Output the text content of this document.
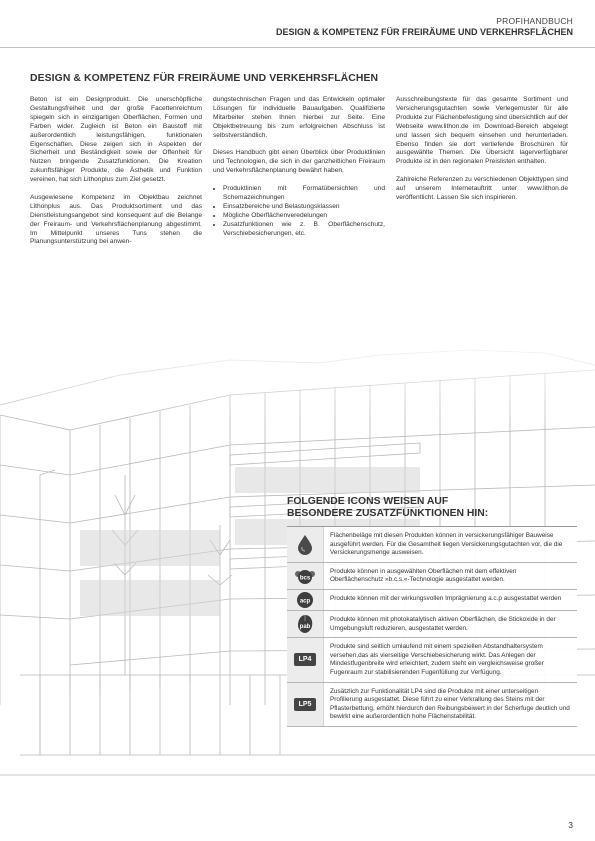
PROFIHANDBUCH
DESIGN & KOMPETENZ FÜR FREIRÄUME UND VERKEHRSFLÄCHEN
DESIGN & KOMPETENZ FÜR FREIRÄUME UND VERKEHRSFLÄCHEN

Beton ist ein Designprodukt. Die unerschöpfliche Gestaltungsfreiheit und der große Facettenreichtum spiegeln sich in einzigartigen Oberflächen, Formen und Farben wider. Zugleich ist Beton ein Baustoff mit außerordentlich leistungsfähigen, funktionalen Eigenschaften. Diese zeigen sich in Aspekten der Sicherheit und Beständigkeit sowie der Offenheit für Nutzen bringende Zusatzfunktionen. Die Kreation zukunftsfähiger Produkte, die Ästhetik und Funktion vereinen, hat sich Lithonplus zum Ziel gesetzt.

Ausgewiesene Kompetenz im Objektbau zeichnet Lithonplus aus. Das Produktsortiment und das Dienstleistungsangebot sind konsequent auf die Belange der Freiraum- und Verkehrsflächenplanung abgestimmt. Im Mittelpunkt unseres Tuns stehen die Planungsunterstützung bei anwen-

dungstechnischen Fragen und das Entwickeln optimaler Lösungen für individuelle Bauaufgaben. Qualifizierte Mitarbeiter stehen Ihnen hierbei zur Seite. Eine Objektbetreuung bis zum erfolgreichen Abschluss ist selbstverständlich.

Dieses Handbuch gibt einen Überblick über Produktlinien und Technologien, die sich in der ganzheitlichen Freiraum und Verkehrsflächenplanung bewährt haben.

• Produktlinien mit Formatübersichten und Schemazeichnungen
• Einsatzbereiche und Belastungsklassen
• Mögliche Oberflächenveredelungen
• Zusatzfunktionen wie z. B. Oberflächenschutz, Verschiebesicherungen, etc.

Ausschreibungstexte für das gesamte Sortiment und Versicherungsgutachten sowie Verlegemuster für alle Produkte zur Flächenbefestigung sind übersichtlich auf der Webseite www.lithon.de im Download-Bereich abgelegt und lassen sich bequem einsehen und herunterladen. Ebenso finden sie dort vertiefende Broschüren für ausgewählte Themen. Die Übersicht lagerverfügbarer Produkte ist in den regionalen Preislisten enthalten.

Zahlreiche Referenzen zu verschiedenen Objekttypen sind auf unserem Internetauftritt unter www.lithon.de veröffentlicht. Lassen Sie sich inspirieren.

FOLGENDE ICONS WEISEN AUF
BESONDERE ZUSATZFUNKTIONEN HIN:
Flächenbeläge mit diesen Produkten können in versickerungsfähiger Bauweise ausgeführt werden. Für die Gesamtheit liegen Versickerungsgutachten vor, die die Versickerungsmenge ausweisen.
bcs
Produkte können in ausgewählten Oberflächen mit dem effektiven Oberflächenschutz »b.c.s.«-Technologie ausgestattet werden.
acp	Produkte können mit der wirkungsvollen Imprägnierung a.c.p ausgestattet werden
pab
Produkte können mit photokatalytisch aktiven Oberflächen, die Stickoxide in der Umgebungsluft reduzieren, ausgestattet werden.
LP4
Produkte sind seitlich umlaufend mit einem speziellen Abstandhaltersystem versehen,das als vierseitige Verschiebesicherung wirkt. Das Anlegen der Mindestfugenbreite wird erleichtert, zudem steht ein vergleichsweise großer Fugenraum zur stabilisierenden Fugenfüllung zur Verfügung.
LP5
Zusätzlich zur Funktionalität LP4 sind die Produkte mit einer unterseitigen Profilierung ausgestattet. Diese führt zu einer Verkrallung des Steins mit der Pflasterbettung, erhöht hierdurch den Reibungsbeiwert in der Scherfuge deutlich und bewirkt eine außerordentlich hohe Flächenstabilität.
3
